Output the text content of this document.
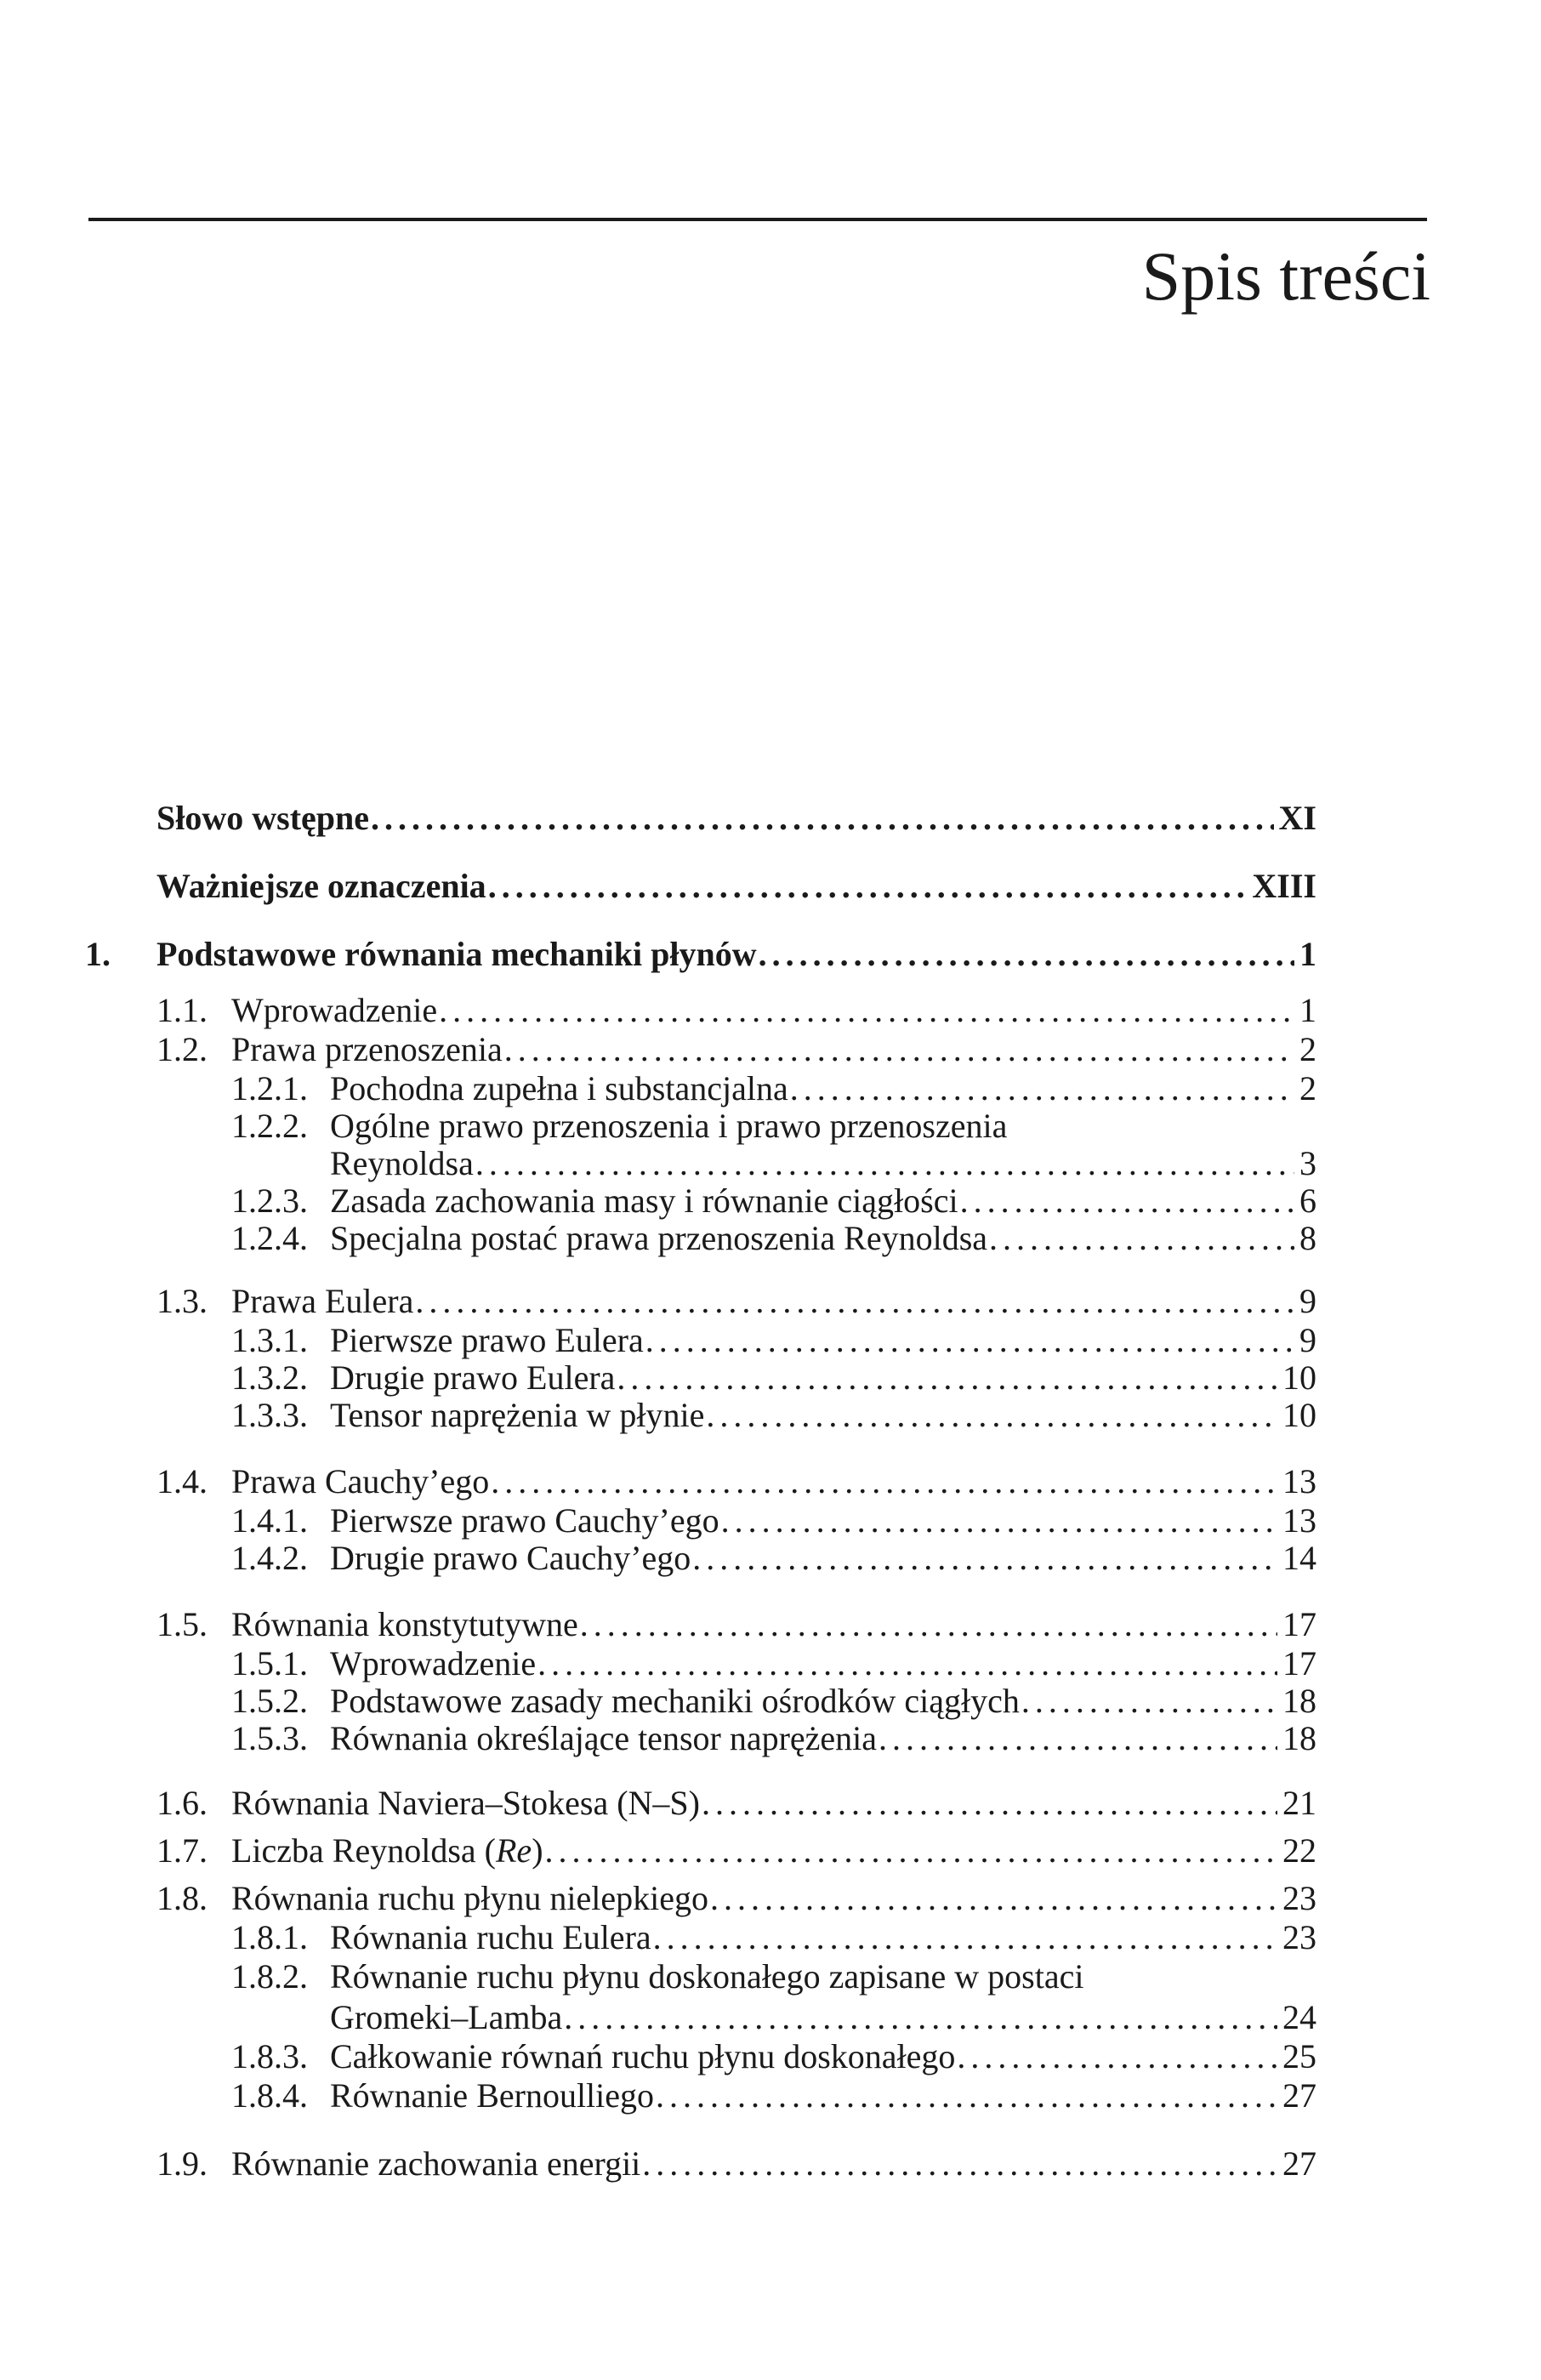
Spis treści
Słowo wstępne .....	XI
Ważniejsze oznaczenia .....	XIII
1. Podstawowe równania mechaniki płynów .....	1
1.1. Wprowadzenie .....	1
1.2. Prawa przenoszenia .....	2
1.2.1. Pochodna zupełna i substancjalna .....	2
1.2.2. Ogólne prawo przenoszenia i prawo przenoszenia
Reynoldsa .....	3
1.2.3. Zasada zachowania masy i równanie ciągłości .....	6
1.2.4. Specjalna postać prawa przenoszenia Reynoldsa .....	8
1.3. Prawa Eulera .....	9
1.3.1. Pierwsze prawo Eulera .....	9
1.3.2. Drugie prawo Eulera .....	10
1.3.3. Tensor naprężenia w płynie .....	10
1.4. Prawa Cauchy’ego .....	13
1.4.1. Pierwsze prawo Cauchy’ego .....	13
1.4.2. Drugie prawo Cauchy’ego .....	14
1.5. Równania konstytutywne .....	17
1.5.1. Wprowadzenie .....	17
1.5.2. Podstawowe zasady mechaniki ośrodków ciągłych .....	18
1.5.3. Równania określające tensor naprężenia .....	18
1.6. Równania Naviera–Stokesa (N–S) .....	21
1.7. Liczba Reynoldsa (Re) .....	22
1.8. Równania ruchu płynu nielepkiego .....	23
1.8.1. Równania ruchu Eulera .....	23
1.8.2. Równanie ruchu płynu doskonałego zapisane w postaci
Gromeki–Lamba .....	24
1.8.3. Całkowanie równań ruchu płynu doskonałego .....	25
1.8.4. Równanie Bernoulliego .....	27
1.9. Równanie zachowania energii .....	27
